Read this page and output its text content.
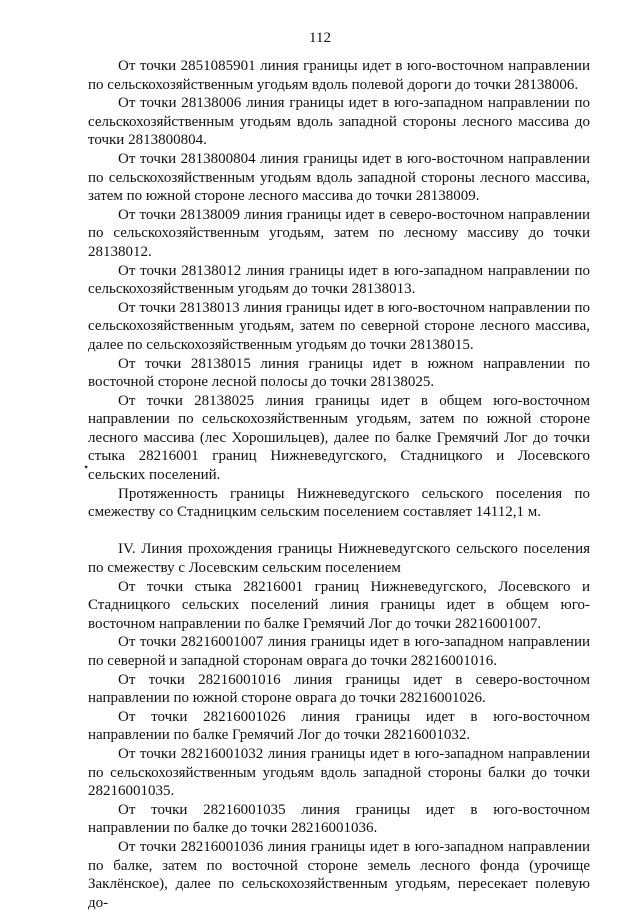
112
•

От точки 2851085901 линия границы идет в юго-восточном направлении по сельскохозяйственным угодьям вдоль полевой дороги до точки 28138006.

От точки 28138006 линия границы идет в юго-западном направлении по сельскохозяйственным угодьям вдоль западной стороны лесного массива до точки 2813800804.

От точки 2813800804 линия границы идет в юго-восточном направлении по сельскохозяйственным угодьям вдоль западной стороны лесного массива, затем по южной стороне лесного массива до точки 28138009.

От точки 28138009 линия границы идет в северо-восточном направлении по сельскохозяйственным угодьям, затем по лесному массиву до точки 28138012.

От точки 28138012 линия границы идет в юго-западном направлении по сельскохозяйственным угодьям до точки 28138013.

От точки 28138013 линия границы идет в юго-восточном направлении по сельскохозяйственным угодьям, затем по северной стороне лесного массива, далее по сельскохозяйственным угодьям до точки 28138015.

От точки 28138015 линия границы идет в южном направлении по восточной стороне лесной полосы до точки 28138025.

От точки 28138025 линия границы идет в общем юго-восточном направлении по сельскохозяйственным угодьям, затем по южной стороне лесного массива (лес Хорошильцев), далее по балке Гремячий Лог до точки стыка 28216001 границ Нижневедугского, Стадницкого и Лосевского сельских поселений.

Протяженность границы Нижневедугского сельского поселения по смежеству со Стадницким сельским поселением составляет 14112,1 м.

IV. Линия прохождения границы Нижневедугского сельского поселения по смежеству с Лосевским сельским поселением

От точки стыка 28216001 границ Нижневедугского, Лосевского и Стадницкого сельских поселений линия границы идет в общем юго-восточном направлении по балке Гремячий Лог до точки 28216001007.

От точки 28216001007 линия границы идет в юго-западном направлении по северной и западной сторонам оврага до точки 28216001016.

От точки 28216001016 линия границы идет в северо-восточном направлении по южной стороне оврага до точки 28216001026.

От точки 28216001026 линия границы идет в юго-восточном направлении по балке Гремячий Лог до точки 28216001032.

От точки 28216001032 линия границы идет в юго-западном направлении по сельскохозяйственным угодьям вдоль западной стороны балки до точки 28216001035.

От точки 28216001035 линия границы идет в юго-восточном направлении по балке до точки 28216001036.

От точки 28216001036 линия границы идет в юго-западном направлении по балке, затем по восточной стороне земель лесного фонда (урочище Заклёнское), далее по сельскохозяйственным угодьям, пересекает полевую до-
